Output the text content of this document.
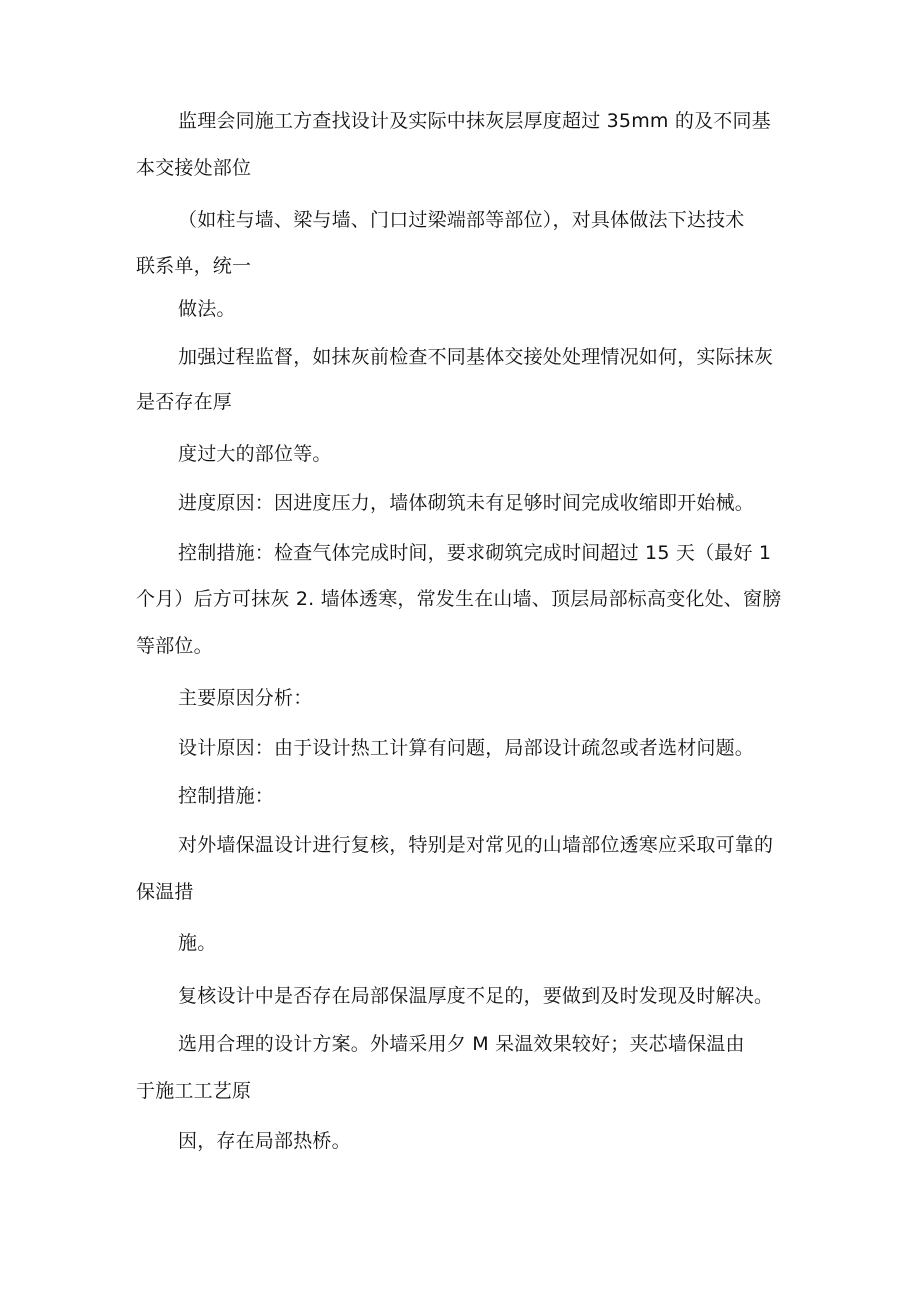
监理会同施工方查找设计及实际中抹灰层厚度超过 35mm 的及不同基
本交接处部位
（如柱与墙、梁与墙、门口过梁端部等部位），对具体做法下达技术
联系单，统一
做法。
加强过程监督，如抹灰前检查不同基体交接处处理情况如何，实际抹灰
是否存在厚
度过大的部位等。
进度原因：因进度压力，墙体砌筑未有足够时间完成收缩即开始械。
控制措施：检查气体完成时间，要求砌筑完成时间超过 15 天（最好 1
个月）后方可抹灰 2. 墙体透寒，常发生在山墙、顶层局部标高变化处、窗膀
等部位。
主要原因分析：
设计原因：由于设计热工计算有问题，局部设计疏忽或者选材问题。
控制措施：
对外墙保温设计进行复核，特别是对常见的山墙部位透寒应采取可靠的
保温措
施。
复核设计中是否存在局部保温厚度不足的，要做到及时发现及时解决。
选用合理的设计方案。外墙采用夕 M 呆温效果较好；夹芯墙保温由
于施工工艺原
因，存在局部热桥。
